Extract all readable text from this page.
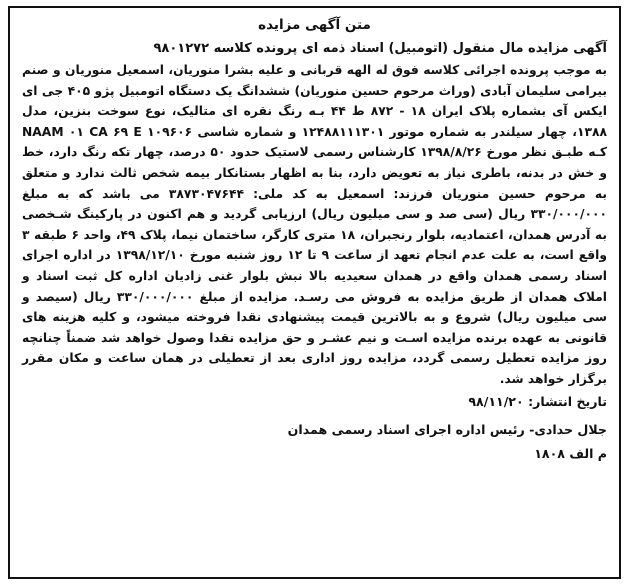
متن آگهی مزایده
آگهی مزایده مال منقول (اتومبیل) اسناد ذمه ای پرونده کلاسه ۹۸۰۱۲۷۲

به موجب پرونده اجرائی کلاسه فوق له الهه قربانی و علیه بشرا منوریان، اسمعیل منوریان و صنم بیرامی سلیمان آبادی (وراث مرحوم حسین منوریان) ششدانگ یک دستگاه اتومبیل پژو ۴۰۵ جی ای ایکس آی بشماره پلاک ایران ۱۸ - ۸۷۲ ط ۴۴ بـه رنگ نقره ای متالیک، نوع سوخت بنزین، مدل ۱۳۸۸، چهار سیلندر به شماره موتور ۱۲۴۸۸۱۱۱۳۰۱ و شماره شاسی NAAM ۰۱ CA ۶۹ E ۱۰۹۶۰۶ کـه طبـق نظر مورخ ۱۳۹۸/۸/۲۶ کارشناس رسمی لاستیک حدود ۵۰ درصد، چهار تکه رنگ دارد، خط و خش در بدنه، باطری نیاز به تعویض دارد، بنا به اظهار بستانکار بیمه شخص ثالث ندارد و متعلق به مرحوم حسین منوریان فرزند: اسمعیل به کد ملی: ۳۸۷۳۰۴۷۶۴۴ می باشد که به مبلغ ۳۳۰/۰۰۰/۰۰۰ ریال (سی صد و سی میلیون ریال) ارزیابی گردید و هم اکنون در پارکینگ شـخصی به آدرس همدان، اعتمادیه، بلوار رنجبران، ۱۸ متری کارگر، ساختمان نیما، پلاک ۴۹، واحد ۶ طبقه ۳ واقع است، به علت عدم انجام تعهد از ساعت ۹ تا ۱۲ روز شنبه مورخ ۱۳۹۸/۱۲/۱۰ در اداره اجرای اسناد رسمی همدان واقع در همدان سعیدیه بالا نبش بلوار غنی زادیان اداره کل ثبت اسناد و املاک همدان از طریق مزایده به فروش می رسـد. مزایده از مبلغ ۳۳۰/۰۰۰/۰۰۰ ریال (سیصد و سی میلیون ریال) شروع و به بالاترین قیمت پیشنهادی نقدا فروخته میشود، و کلیه هزینه های قانونی به عهده برنده مزایده اسـت و نیم عشـر و حق مزایده نقدا وصول خواهد شد ضمناً چنانچه روز مزایده تعطیل رسمی گردد، مزایده روز اداری بعد از تعطیلی در همان ساعت و مکان مقرر برگزار خواهد شد.

تاریخ انتشار: ۹۸/۱۱/۲۰
جلال حدادی- رئیس اداره اجرای اسناد رسمی همدان
م الف ۱۸۰۸
